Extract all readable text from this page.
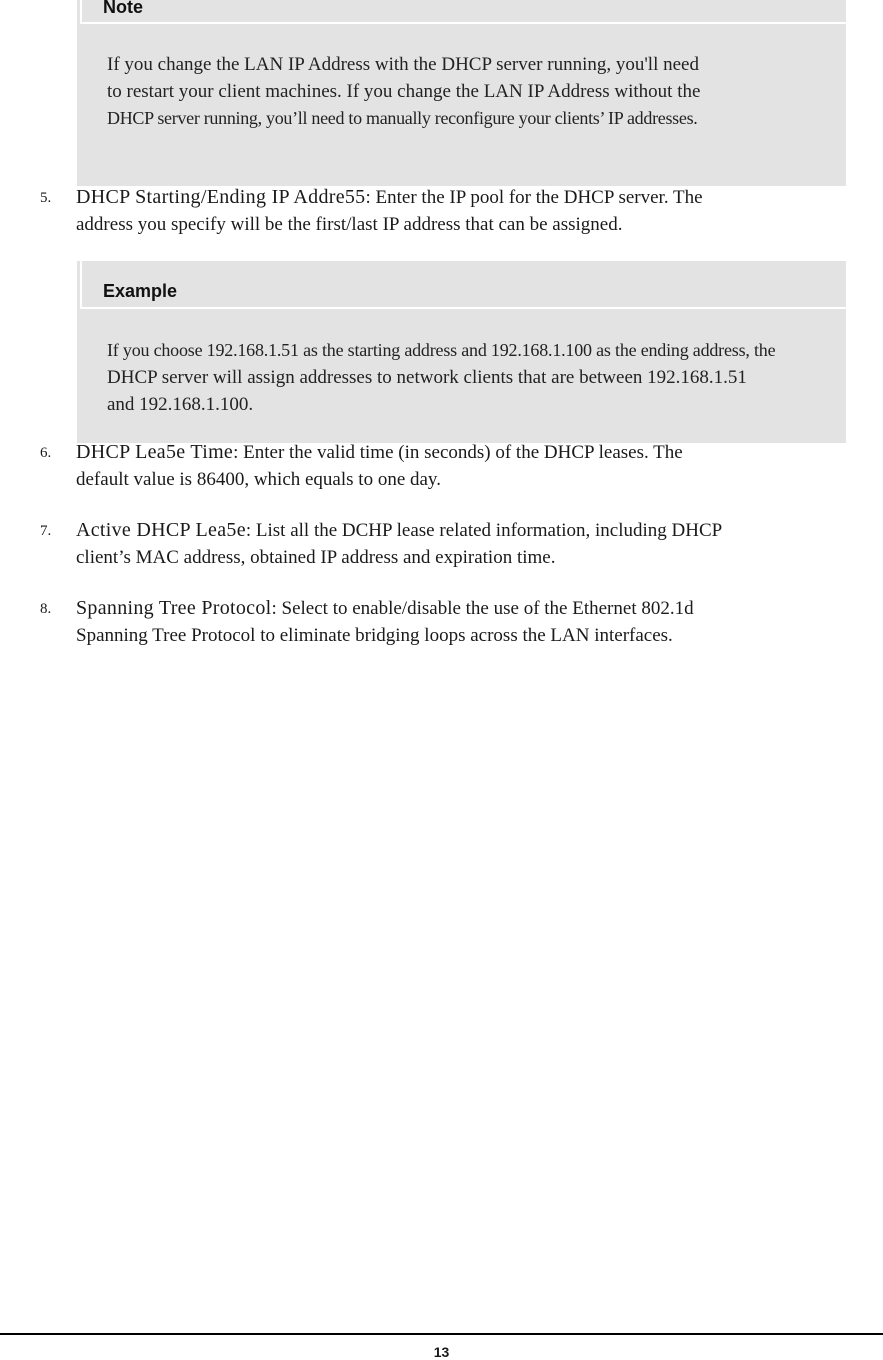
Note

If you change the LAN IP Address with the DHCP server running, you'll need

to restart your client machines. If you change the LAN IP Address without the

DHCP server running, you’ll need to manually reconfigure your clients’ IP addresses.

5. DHCP Starting/Ending IP Addre55: Enter the IP pool for the DHCP server. The

address you specify will be the first/last IP address that can be assigned.

Example

If you choose 192.168.1.51 as the starting address and 192.168.1.100 as the ending address, the

DHCP server will assign addresses to network clients that are between 192.168.1.51

and 192.168.1.100.

6. DHCP Lea5e Time: Enter the valid time (in seconds) of the DHCP leases. The

default value is 86400, which equals to one day.

7. Active DHCP Lea5e: List all the DCHP lease related information, including DHCP

client’s MAC address, obtained IP address and expiration time.

8. Spanning Tree Protocol: Select to enable/disable the use of the Ethernet 802.1d

Spanning Tree Protocol to eliminate bridging loops across the LAN interfaces.

13
